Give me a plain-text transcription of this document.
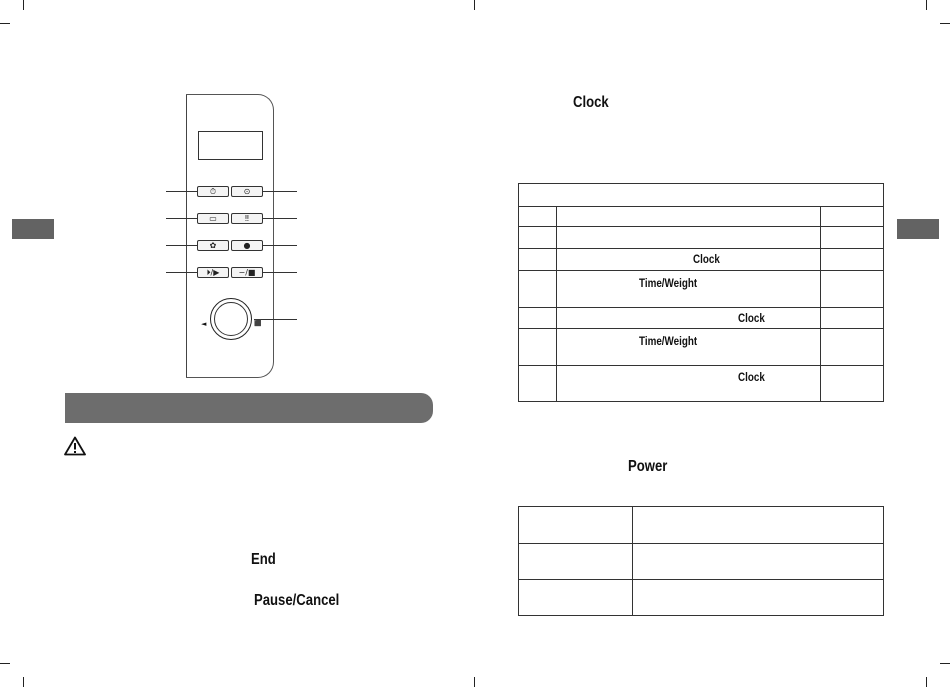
⏱	⊙
▭	‼
✿	●
⏵/▶	−/■
◄	⬛
End
Pause/Cancel
Clock

	Clock	

	Time/Weight	

	Clock	

	Time/Weight	

	Clock	

Power
